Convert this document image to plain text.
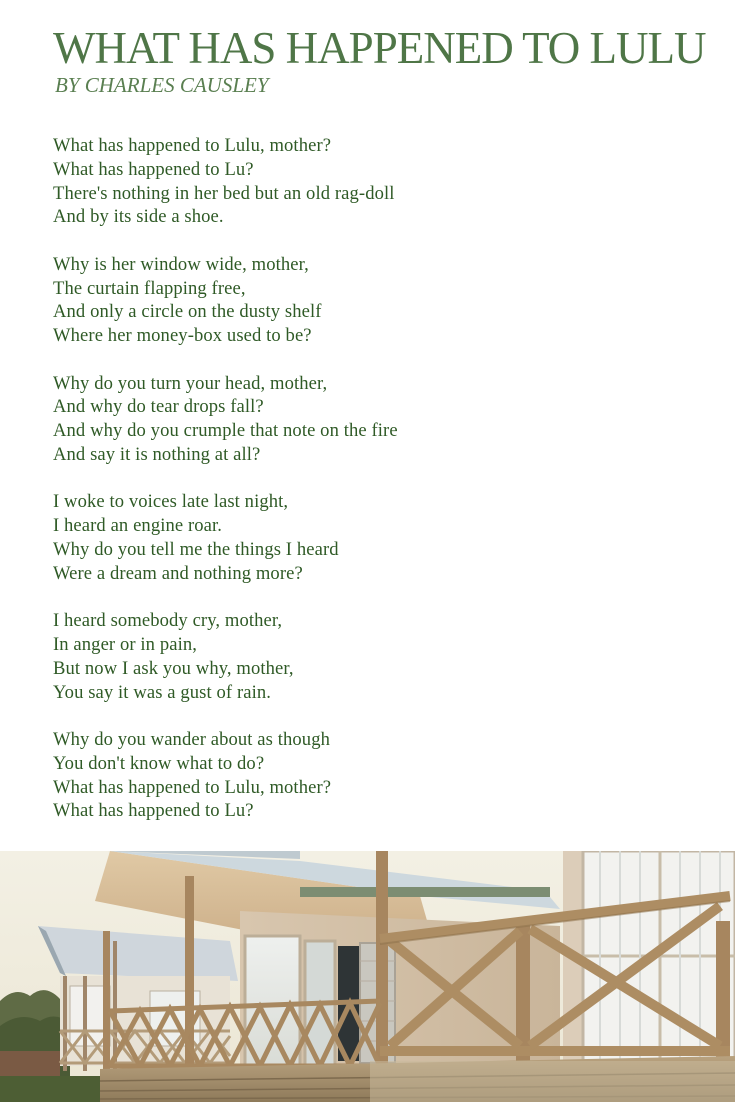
WHAT HAS HAPPENED TO LULU

BY CHARLES CAUSLEY

What has happened to Lulu, mother?
What has happened to Lu?
There's nothing in her bed but an old rag-doll
And by its side a shoe.
Why is her window wide, mother,
The curtain flapping free,
And only a circle on the dusty shelf
Where her money-box used to be?
Why do you turn your head, mother,
And why do tear drops fall?
And why do you crumple that note on the fire
And say it is nothing at all?
I woke to voices late last night,
I heard an engine roar.
Why do you tell me the things I heard
Were a dream and nothing more?
I heard somebody cry, mother,
In anger or in pain,
But now I ask you why, mother,
You say it was a gust of rain.
Why do you wander about as though
You don't know what to do?
What has happened to Lulu, mother?
What has happened to Lu?
